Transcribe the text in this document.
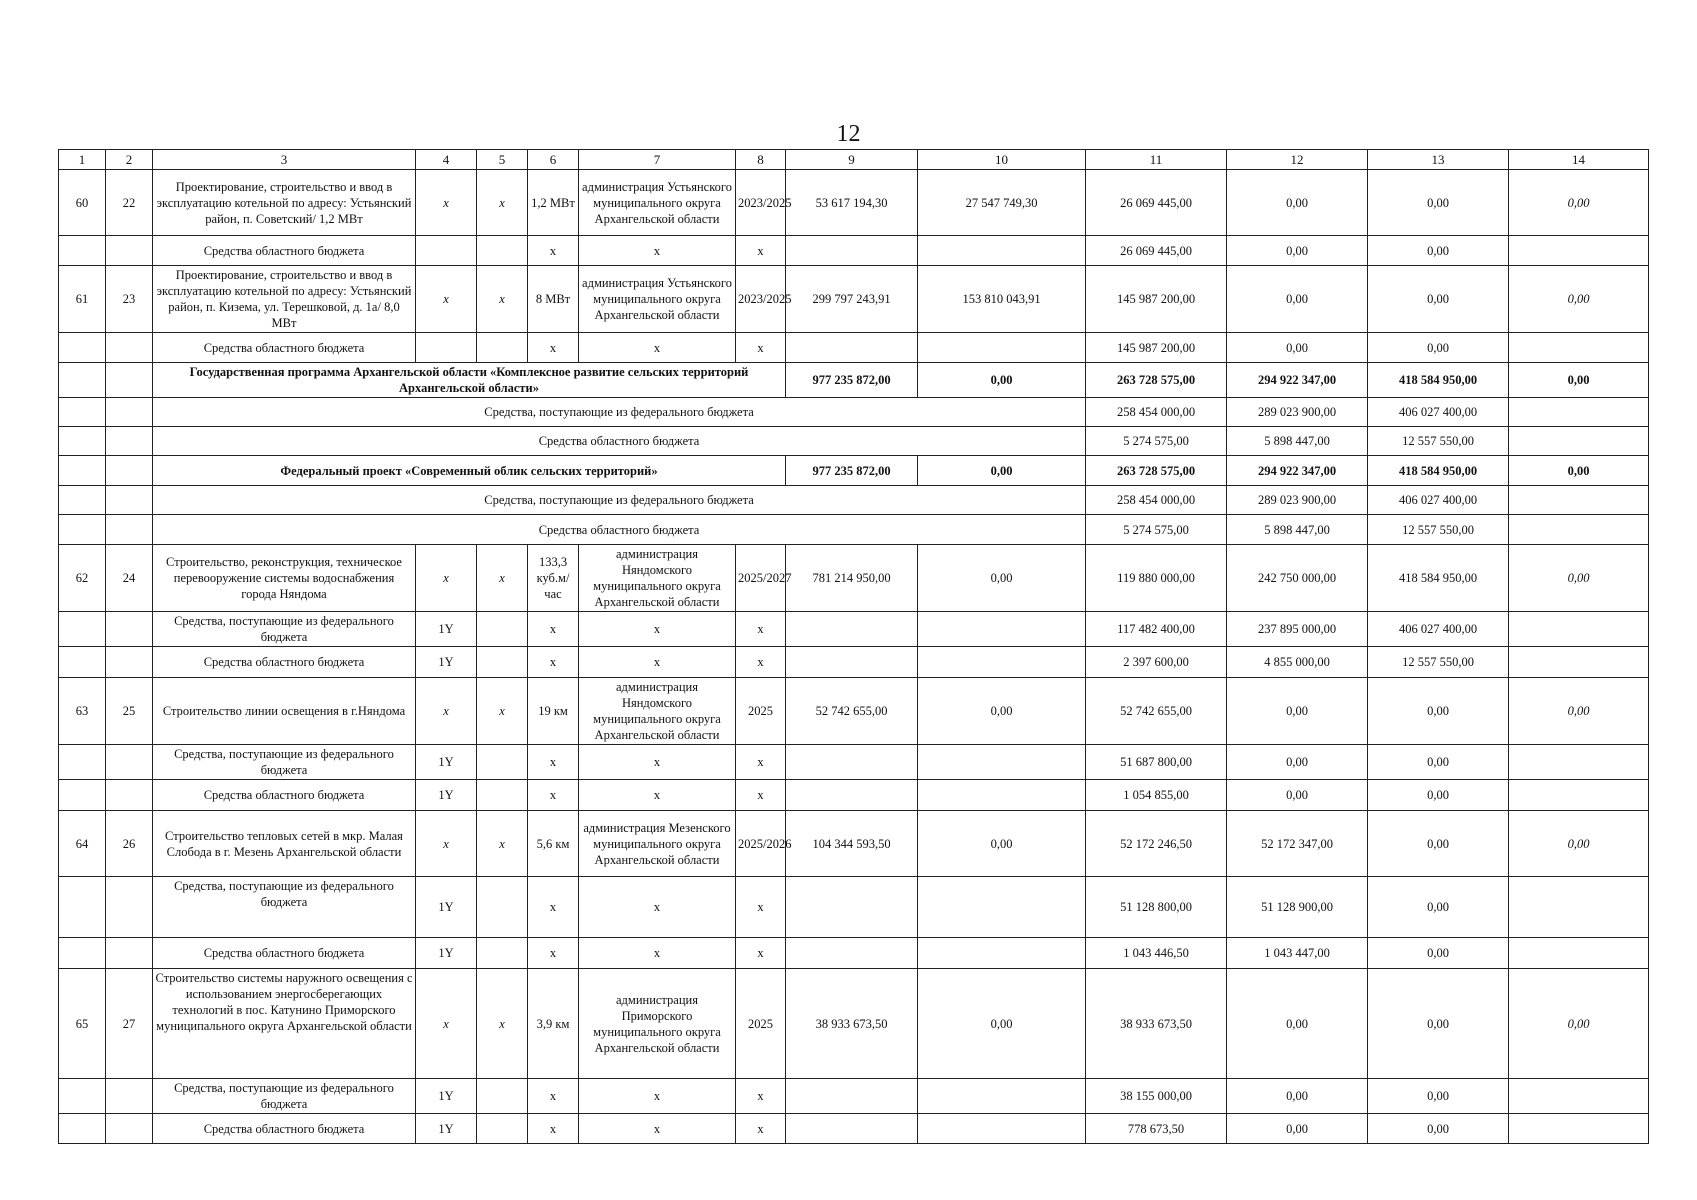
12
1	2	3	4	5	6	7	8	9	10	11	12	13	14
60	22	Проектирование, строительство и ввод в эксплуатацию котельной по адресу: Устьянский район, п. Советский/ 1,2 МВт	x	x	1,2 МВт	администрация Устьянского муниципального округа Архангельской области	2023/2025	53 617 194,30	27 547 749,30	26 069 445,00	0,00	0,00	0,00
		Средства областного бюджета			x	x	x			26 069 445,00	0,00	0,00	
61	23	Проектирование, строительство и ввод в эксплуатацию котельной по адресу: Устьянский район, п. Кизема, ул. Терешковой, д. 1а/ 8,0 МВт	x	x	8 МВт	администрация Устьянского муниципального округа Архангельской области	2023/2025	299 797 243,91	153 810 043,91	145 987 200,00	0,00	0,00	0,00
		Средства областного бюджета			x	x	x			145 987 200,00	0,00	0,00	
		Государственная программа Архангельской области «Комплексное развитие сельских территорий Архангельской области»						977 235 872,00	0,00	263 728 575,00	294 922 347,00	418 584 950,00	0,00
		Средства, поступающие из федерального бюджета								258 454 000,00	289 023 900,00	406 027 400,00	
		Средства областного бюджета								5 274 575,00	5 898 447,00	12 557 550,00	
		Федеральный проект «Современный облик сельских территорий»						977 235 872,00	0,00	263 728 575,00	294 922 347,00	418 584 950,00	0,00
		Средства, поступающие из федерального бюджета								258 454 000,00	289 023 900,00	406 027 400,00	
		Средства областного бюджета								5 274 575,00	5 898 447,00	12 557 550,00	
62	24	Строительство, реконструкция, техническое перевооружение системы водоснабжения города Няндома	x	x	133,3 куб.м/час	администрация Няндомского муниципального округа Архангельской области	2025/2027	781 214 950,00	0,00	119 880 000,00	242 750 000,00	418 584 950,00	0,00
		Средства, поступающие из федерального бюджета	1Y		x	x	x			117 482 400,00	237 895 000,00	406 027 400,00	
		Средства областного бюджета	1Y		x	x	x			2 397 600,00	4 855 000,00	12 557 550,00	
63	25	Строительство линии освещения в г.Няндома	x	x	19 км	администрация Няндомского муниципального округа Архангельской области	2025	52 742 655,00	0,00	52 742 655,00	0,00	0,00	0,00
		Средства, поступающие из федерального бюджета	1Y		x	x	x			51 687 800,00	0,00	0,00	
		Средства областного бюджета	1Y		x	x	x			1 054 855,00	0,00	0,00	
64	26	Строительство тепловых сетей в мкр. Малая Слобода в г. Мезень Архангельской области	x	x	5,6 км	администрация Мезенского муниципального округа Архангельской области	2025/2026	104 344 593,50	0,00	52 172 246,50	52 172 347,00	0,00	0,00
		Средства, поступающие из федерального бюджета	1Y		x	x	x			51 128 800,00	51 128 900,00	0,00	
		Средства областного бюджета	1Y		x	x	x			1 043 446,50	1 043 447,00	0,00	
65	27	Строительство системы наружного освещения с использованием энергосберегающих технологий в пос. Катунино Приморского муниципального округа Архангельской области	x	x	3,9 км	администрация Приморского муниципального округа Архангельской области	2025	38 933 673,50	0,00	38 933 673,50	0,00	0,00	0,00
		Средства, поступающие из федерального бюджета	1Y		x	x	x			38 155 000,00	0,00	0,00	
		Средства областного бюджета	1Y		x	x	x			778 673,50	0,00	0,00	
